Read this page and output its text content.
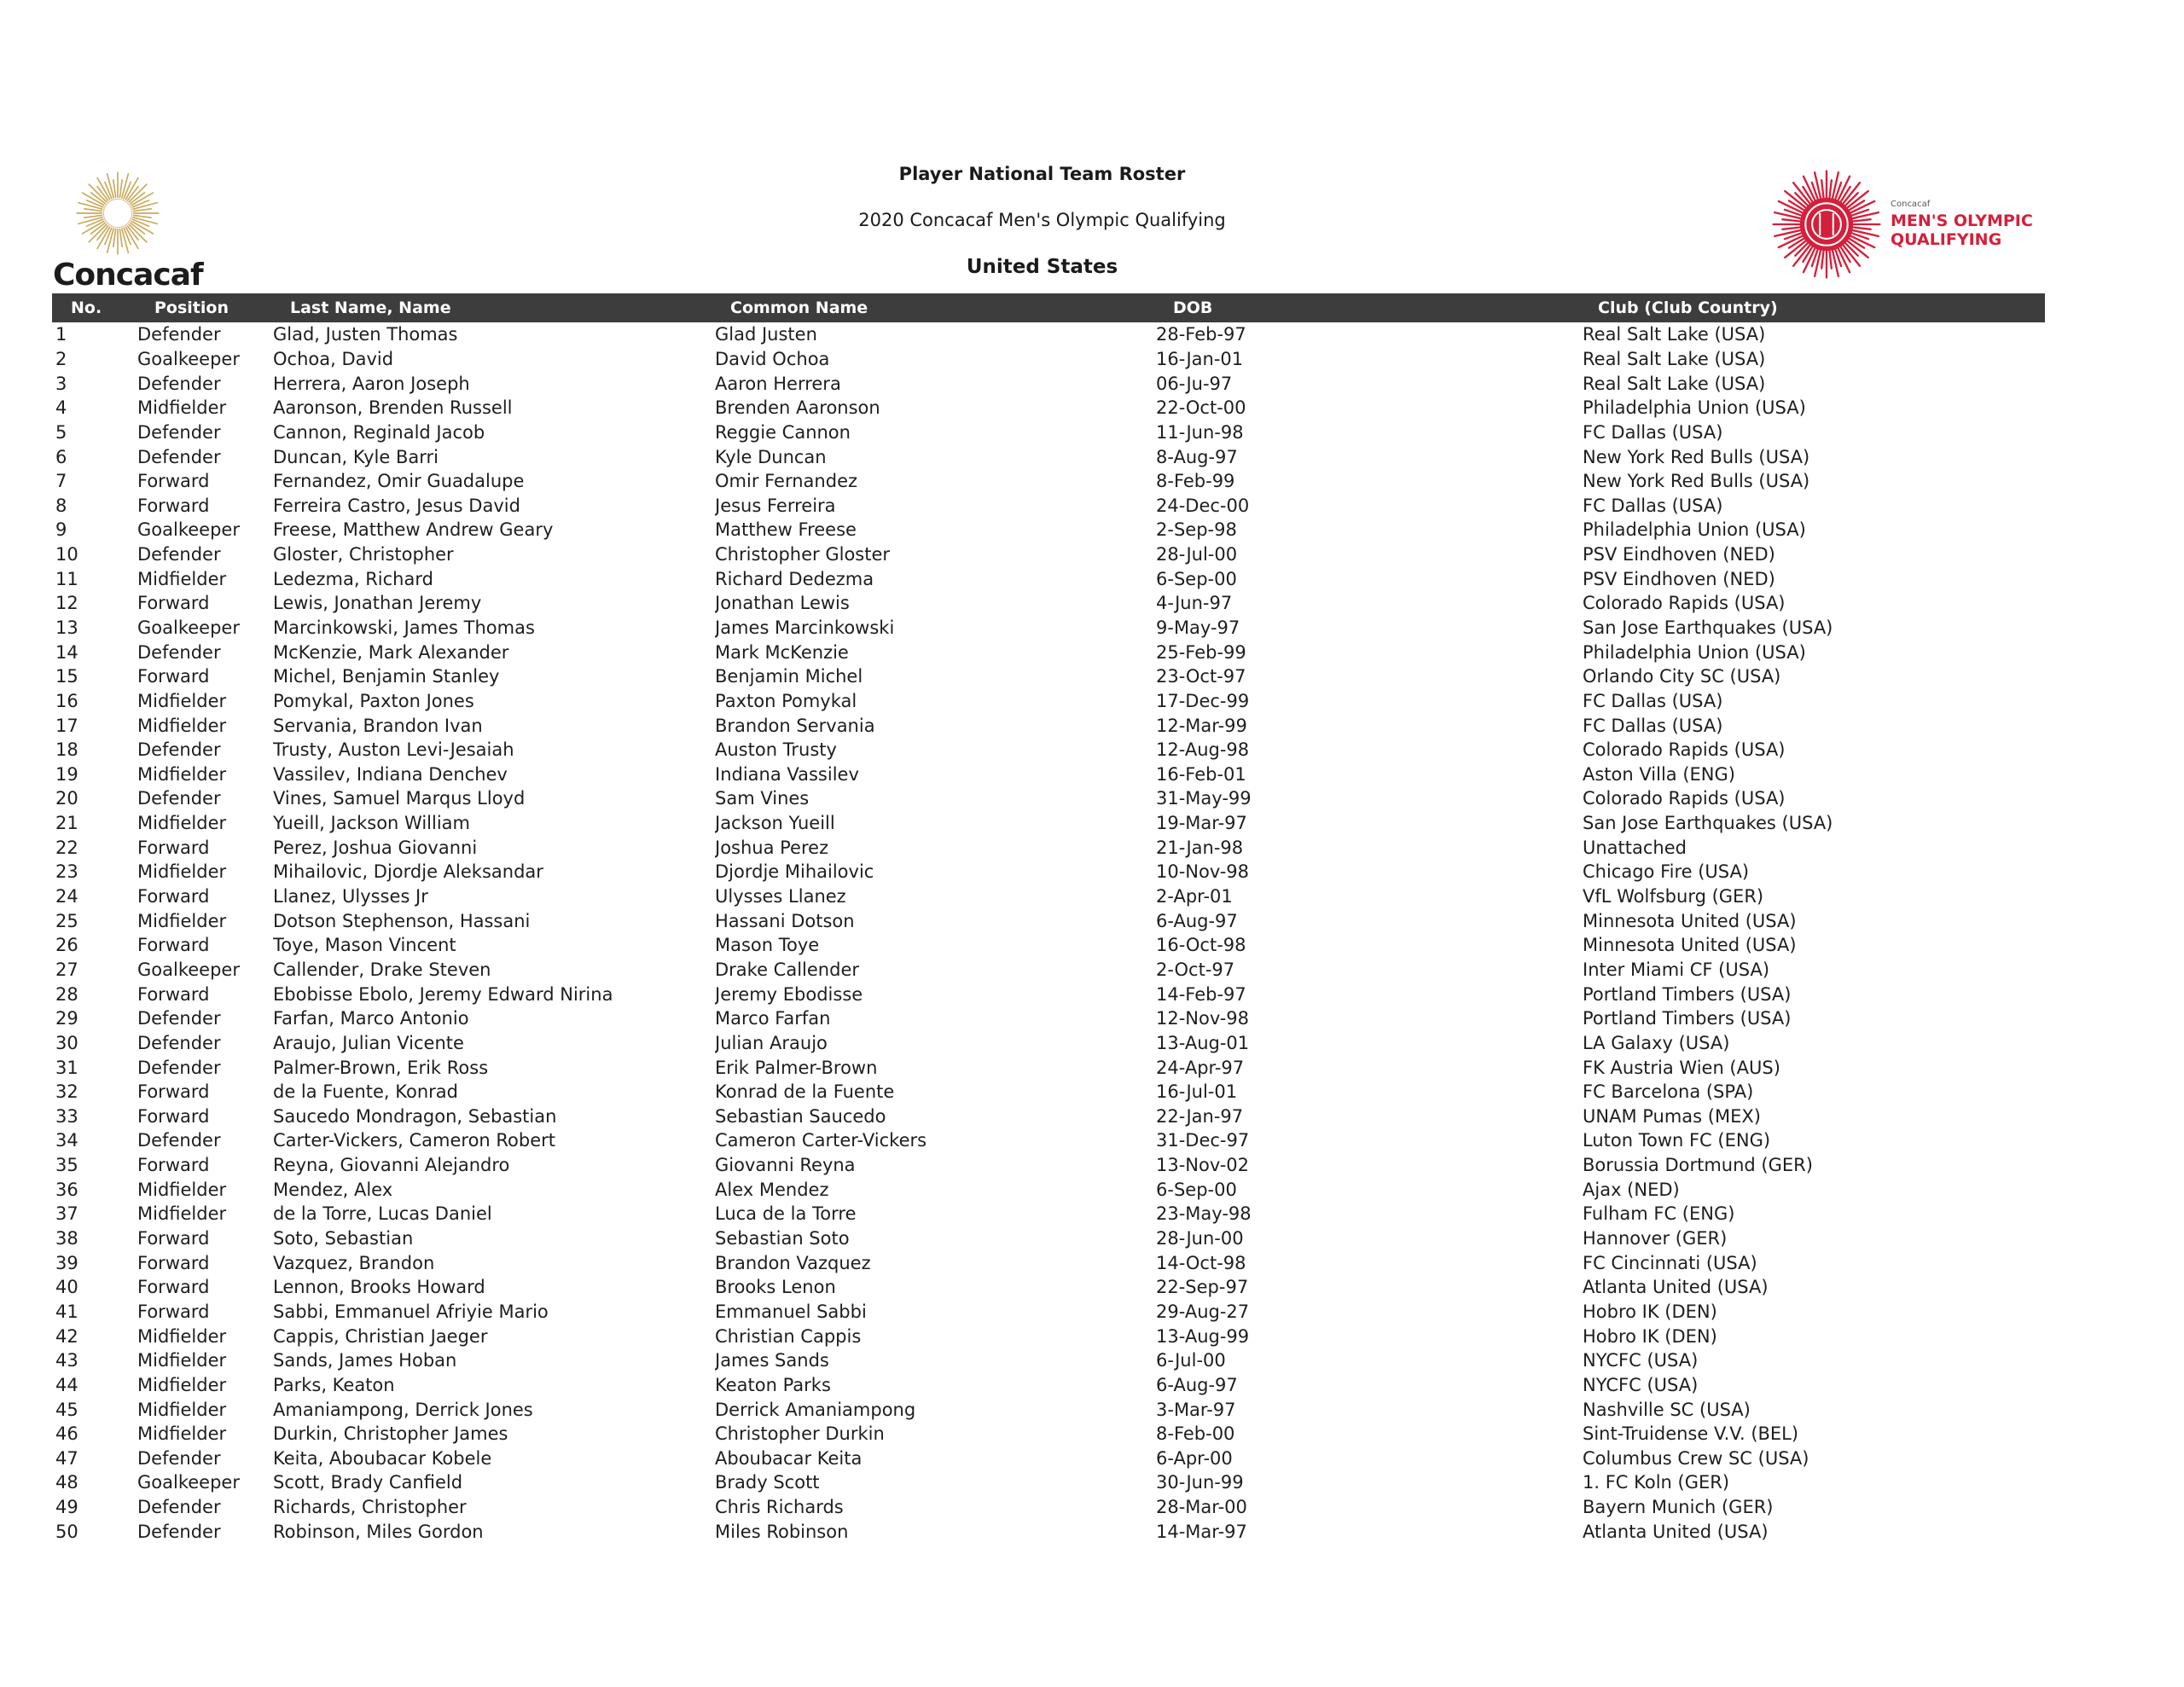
Concacaf
Player National Team Roster
2020 Concacaf Men's Olympic Qualifying
United States
Concacaf
MEN'S OLYMPIC
QUALIFYING
No.	Position	Last Name, Name	Common Name	DOB	Club (Club Country)
1	Defender	Glad, Justen Thomas	Glad Justen	28-Feb-97	Real Salt Lake (USA)
2	Goalkeeper	Ochoa, David	David Ochoa	16-Jan-01	Real Salt Lake (USA)
3	Defender	Herrera, Aaron Joseph	Aaron Herrera	06-Ju-97	Real Salt Lake (USA)
4	Midfielder	Aaronson, Brenden Russell	Brenden Aaronson	22-Oct-00	Philadelphia Union (USA)
5	Defender	Cannon, Reginald Jacob	Reggie Cannon	11-Jun-98	FC Dallas (USA)
6	Defender	Duncan, Kyle Barri	Kyle Duncan	8-Aug-97	New York Red Bulls (USA)
7	Forward	Fernandez, Omir Guadalupe	Omir Fernandez	8-Feb-99	New York Red Bulls (USA)
8	Forward	Ferreira Castro, Jesus David	Jesus Ferreira	24-Dec-00	FC Dallas (USA)
9	Goalkeeper	Freese, Matthew Andrew Geary	Matthew Freese	2-Sep-98	Philadelphia Union (USA)
10	Defender	Gloster, Christopher	Christopher Gloster	28-Jul-00	PSV Eindhoven (NED)
11	Midfielder	Ledezma, Richard	Richard Dedezma	6-Sep-00	PSV Eindhoven (NED)
12	Forward	Lewis, Jonathan Jeremy	Jonathan Lewis	4-Jun-97	Colorado Rapids (USA)
13	Goalkeeper	Marcinkowski, James Thomas	James Marcinkowski	9-May-97	San Jose Earthquakes (USA)
14	Defender	McKenzie, Mark Alexander	Mark McKenzie	25-Feb-99	Philadelphia Union (USA)
15	Forward	Michel, Benjamin Stanley	Benjamin Michel	23-Oct-97	Orlando City SC (USA)
16	Midfielder	Pomykal, Paxton Jones	Paxton Pomykal	17-Dec-99	FC Dallas (USA)
17	Midfielder	Servania, Brandon Ivan	Brandon Servania	12-Mar-99	FC Dallas (USA)
18	Defender	Trusty, Auston Levi-Jesaiah	Auston Trusty	12-Aug-98	Colorado Rapids (USA)
19	Midfielder	Vassilev, Indiana Denchev	Indiana Vassilev	16-Feb-01	Aston Villa (ENG)
20	Defender	Vines, Samuel Marqus Lloyd	Sam Vines	31-May-99	Colorado Rapids (USA)
21	Midfielder	Yueill, Jackson William	Jackson Yueill	19-Mar-97	San Jose Earthquakes (USA)
22	Forward	Perez, Joshua Giovanni	Joshua Perez	21-Jan-98	Unattached
23	Midfielder	Mihailovic, Djordje Aleksandar	Djordje Mihailovic	10-Nov-98	Chicago Fire (USA)
24	Forward	Llanez, Ulysses Jr	Ulysses Llanez	2-Apr-01	VfL Wolfsburg (GER)
25	Midfielder	Dotson Stephenson, Hassani	Hassani Dotson	6-Aug-97	Minnesota United (USA)
26	Forward	Toye, Mason Vincent	Mason Toye	16-Oct-98	Minnesota United (USA)
27	Goalkeeper	Callender, Drake Steven	Drake Callender	2-Oct-97	Inter Miami CF (USA)
28	Forward	Ebobisse Ebolo, Jeremy Edward Nirina	Jeremy Ebodisse	14-Feb-97	Portland Timbers (USA)
29	Defender	Farfan, Marco Antonio	Marco Farfan	12-Nov-98	Portland Timbers (USA)
30	Defender	Araujo, Julian Vicente	Julian Araujo	13-Aug-01	LA Galaxy (USA)
31	Defender	Palmer-Brown, Erik Ross	Erik Palmer-Brown	24-Apr-97	FK Austria Wien (AUS)
32	Forward	de la Fuente, Konrad	Konrad de la Fuente	16-Jul-01	FC Barcelona (SPA)
33	Forward	Saucedo Mondragon, Sebastian	Sebastian Saucedo	22-Jan-97	UNAM Pumas (MEX)
34	Defender	Carter-Vickers, Cameron Robert	Cameron Carter-Vickers	31-Dec-97	Luton Town FC (ENG)
35	Forward	Reyna, Giovanni Alejandro	Giovanni Reyna	13-Nov-02	Borussia Dortmund (GER)
36	Midfielder	Mendez, Alex	Alex Mendez	6-Sep-00	Ajax (NED)
37	Midfielder	de la Torre, Lucas Daniel	Luca de la Torre	23-May-98	Fulham FC (ENG)
38	Forward	Soto, Sebastian	Sebastian Soto	28-Jun-00	Hannover (GER)
39	Forward	Vazquez, Brandon	Brandon Vazquez	14-Oct-98	FC Cincinnati (USA)
40	Forward	Lennon, Brooks Howard	Brooks Lenon	22-Sep-97	Atlanta United (USA)
41	Forward	Sabbi, Emmanuel Afriyie Mario	Emmanuel Sabbi	29-Aug-27	Hobro IK (DEN)
42	Midfielder	Cappis, Christian Jaeger	Christian Cappis	13-Aug-99	Hobro IK (DEN)
43	Midfielder	Sands, James Hoban	James Sands	6-Jul-00	NYCFC (USA)
44	Midfielder	Parks, Keaton	Keaton Parks	6-Aug-97	NYCFC (USA)
45	Midfielder	Amaniampong, Derrick Jones	Derrick Amaniampong	3-Mar-97	Nashville SC (USA)
46	Midfielder	Durkin, Christopher James	Christopher Durkin	8-Feb-00	Sint-Truidense V.V. (BEL)
47	Defender	Keita, Aboubacar Kobele	Aboubacar Keita	6-Apr-00	Columbus Crew SC (USA)
48	Goalkeeper	Scott, Brady Canfield	Brady Scott	30-Jun-99	1. FC Koln (GER)
49	Defender	Richards, Christopher	Chris Richards	28-Mar-00	Bayern Munich (GER)
50	Defender	Robinson, Miles Gordon	Miles Robinson	14-Mar-97	Atlanta United (USA)
